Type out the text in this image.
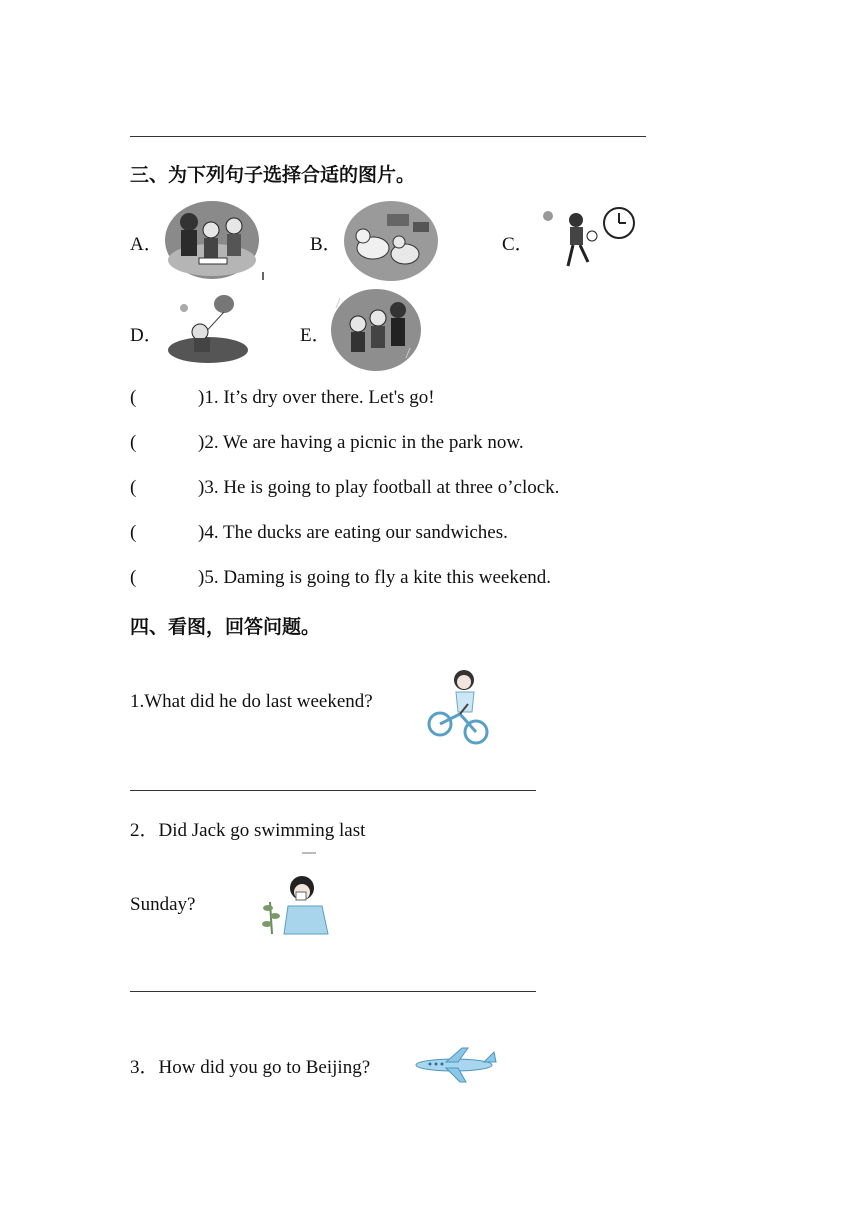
三、为下列句子选择合适的图片。
A．	B．	C．
D．	E．
(	)1. It’s dry over there. Let's go!
(	)2. We are having a picnic in the park now.
(	)3. He is going to play football at three o’clock.
(	)4. The ducks are eating our sandwiches.
(	)5. Daming is going to fly a kite this weekend.
四、看图，回答问题。
1.What did he do last weekend?
2．Did Jack go swimming last
Sunday?
3．How did you go to Beijing?
